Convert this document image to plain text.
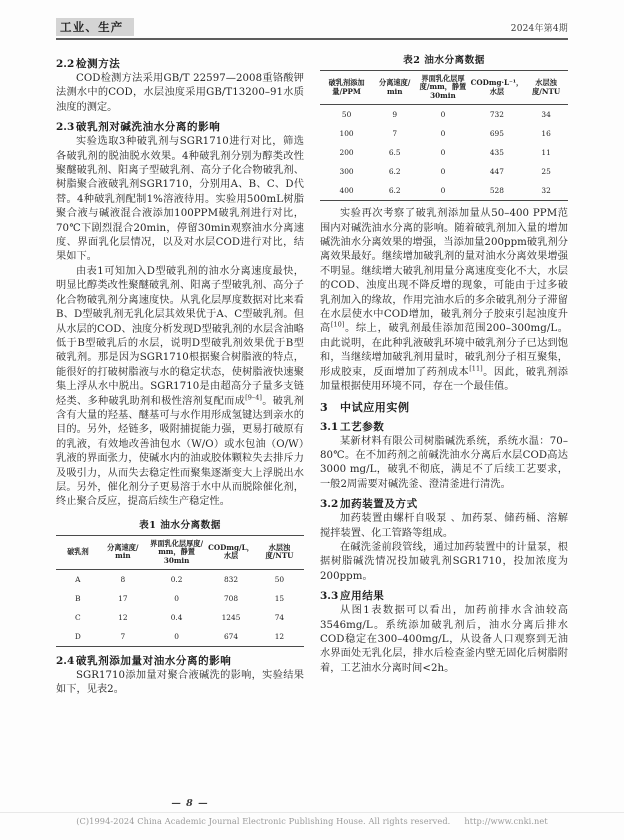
工业、生产	2024年第4期
2.2 检测方法

COD检测方法采用GB/T 22597—2008重铬酸钾法测水中的COD，水层浊度采用GB/T13200–91水质浊度的测定。

2.3 破乳剂对碱洗油水分离的影响

实验选取3种破乳剂与SGR1710进行对比，筛选各破乳剂的脱油脱水效果。4种破乳剂分别为醇类改性聚醚破乳剂、阳离子型破乳剂、高分子化合物破乳剂、树脂聚合液破乳剂SGR1710，分别用A、B、C、D代替。4种破乳剂配制1%溶液待用。实验用500mL树脂聚合液与碱液混合液添加100PPM破乳剂进行对比，70℃下剧烈混合20min，停留30min观察油水分离速度、界面乳化层情况，以及对水层COD进行对比，结果如下。

由表1可知加入D型破乳剂的油水分离速度最快，明显比醇类改性聚醚破乳剂、阳离子型破乳剂、高分子化合物破乳剂分离速度快。从乳化层厚度数据对比来看B、D型破乳剂无乳化层其效果优于A、C型破乳剂。但从水层的COD、浊度分析发现D型破乳剂的水层含油略低于B型破乳后的水层，说明D型破乳剂效果优于B型破乳剂。那是因为SGR1710根据聚合树脂液的特点，能很好的打破树脂液与水的稳定状态，使树脂液快速聚集上浮从水中脱出。SGR1710是由超高分子量多支链烃类、多种破乳助剂和极性溶剂复配而成[9–4]。破乳剂含有大量的羟基、醚基可与水作用形成氢键达到亲水的目的。另外，烃链多，吸附捕捉能力强，更易打破原有的乳液，有效地改善油包水（W/O）或水包油（O/W）乳液的界面张力，使碱水内的油或胶体颗粒失去排斥力及吸引力，从而失去稳定性而聚集逐渐变大上浮脱出水层。另外，催化剂分子更易溶于水中从而脱除催化剂，终止聚合反应，提高后续生产稳定性。

表1 油水分离数据
破乳剂	分离速度/ min	界面乳化层厚度/ mm，静置30min	CODmg/L，水层	水层浊度/NTU
A	8	0.2	832	50
B	17	0	708	15
C	12	0.4	1245	74
D	7	0	674	12
2.4 破乳剂添加量对油水分离的影响

SGR1710添加量对聚合液碱洗的影响，实验结果如下，见表2。

表2 油水分离数据
破乳剂添加量/PPM	分离速度/ min	界面乳化层厚度/mm，静置30min	CODmg·L⁻¹，水层	水层浊度/NTU
50	9	0	732	34
100	7	0	695	16
200	6.5	0	435	11
300	6.2	0	447	25
400	6.2	0	528	32

实验再次考察了破乳剂添加量从50–400 PPM范围内对碱洗油水分离的影响。随着破乳剂加入量的增加碱洗油水分离效果的增强，当添加量200ppm破乳剂分离效果最好。继续增加破乳剂的量对油水分离效果增强不明显。继续增大破乳剂用量分离速度变化不大，水层的COD、浊度出现不降反增的现象，可能由于过多破乳剂加入的缘故，作用完油水后的多余破乳剂分子滞留在水层使水中COD增加，破乳剂分子胶束引起浊度升高[10]。综上，破乳剂最佳添加范围200–300mg/L。由此说明，在此种乳液破乳环境中破乳剂分子已达到饱和，当继续增加破乳剂用量时，破乳剂分子相互聚集，形成胶束，反面增加了药剂成本[11]。因此，破乳剂添加量根据使用环境不同，存在一个最佳值。

3 中试应用实例
3.1 工艺参数

某新材料有限公司树脂碱洗系统，系统水温：70–80℃。在不加药剂之前碱洗油水分离后水层COD高达3000 mg/L，破乳不彻底，满足不了后续工艺要求，一般2周需要对碱洗釜、澄清釜进行清洗。

3.2 加药装置及方式

加药装置由螺杆自吸泵 、加药泵、储药桶、溶解搅拌装置、化工管路等组成。

在碱洗釜前段管线，通过加药装置中的计量泵，根据树脂碱洗情况投加破乳剂SGR1710，投加浓度为200ppm。

3.3 应用结果

从图1表数据可以看出，加药前排水含油较高3546mg/L。系统添加破乳剂后，油水分离后排水COD稳定在300–400mg/L，从设备人口观察到无油水界面处无乳化层，排水后检查釜内壁无固化后树脂附着，工艺油水分离时间<2h。

— 8 —
(C)1994-2024 China Academic Journal Electronic Publishing House. All rights reserved. http://www.cnki.net
